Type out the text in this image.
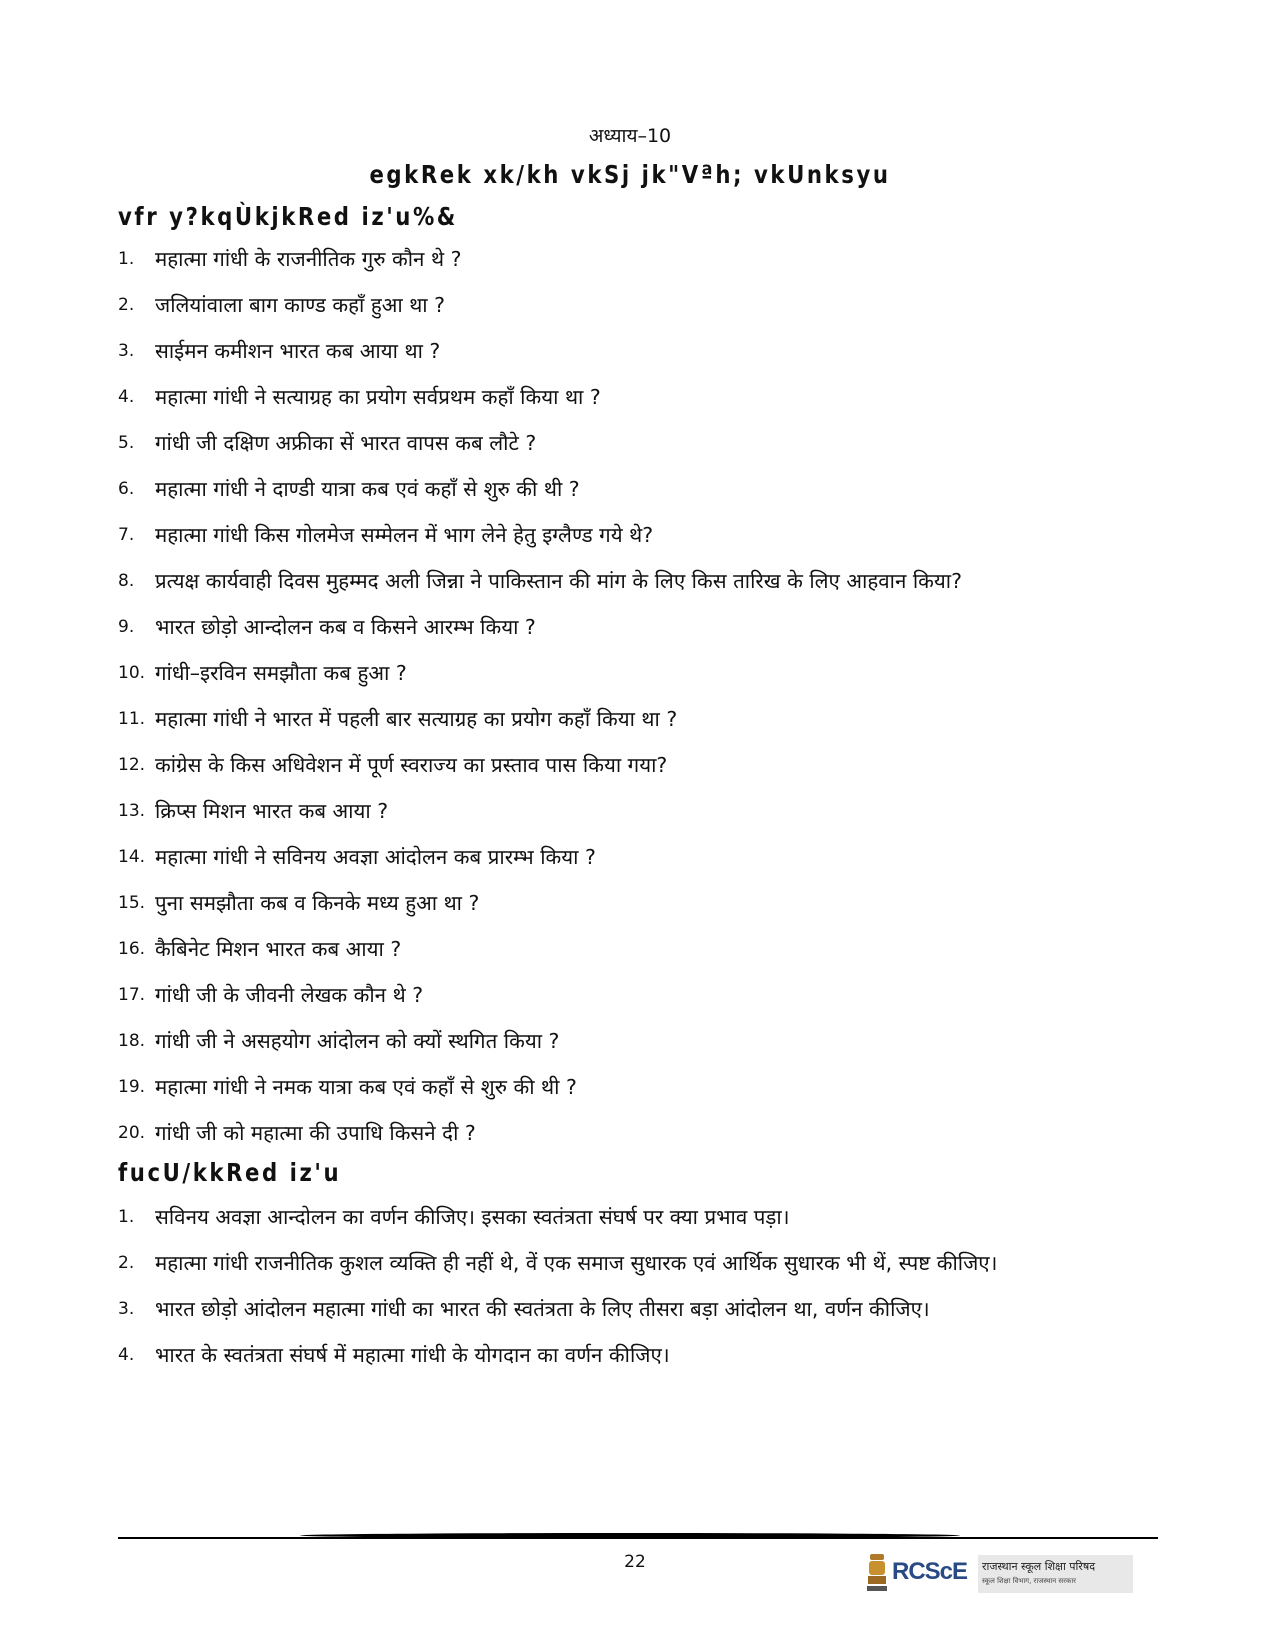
अध्याय–10
egkRek xk/kh vkSj jk"Vªh; vkUnksyu
vfr y?kqÙkjkRed iz'u%&
1. महात्मा गांधी के राजनीतिक गुरु कौन थे ?
2. जलियांवाला बाग काण्ड कहाँ हुआ था ?
3. साईमन कमीशन भारत कब आया था ?
4. महात्मा गांधी ने सत्याग्रह का प्रयोग सर्वप्रथम कहाँ किया था ?
5. गांधी जी दक्षिण अफ्रीका सें भारत वापस कब लौटे ?
6. महात्मा गांधी ने दाण्डी यात्रा कब एवं कहाँ से शुरु की थी ?
7. महात्मा गांधी किस गोलमेज सम्मेलन में भाग लेने हेतु इग्लैण्ड गये थे?
8. प्रत्यक्ष कार्यवाही दिवस मुहम्मद अली जिन्ना ने पाकिस्तान की मांग के लिए किस तारिख के लिए आहवान किया?
9. भारत छोड़ो आन्दोलन कब व किसने आरम्भ किया ?
10. गांधी–इरविन समझौता कब हुआ ?
11. महात्मा गांधी ने भारत में पहली बार सत्याग्रह का प्रयोग कहाँ किया था ?
12. कांग्रेस के किस अधिवेशन में पूर्ण स्वराज्य का प्रस्ताव पास किया गया?
13. क्रिप्स मिशन भारत कब आया ?
14. महात्मा गांधी ने सविनय अवज्ञा आंदोलन कब प्रारम्भ किया ?
15. पुना समझौता कब व किनके मध्य हुआ था ?
16. कैबिनेट मिशन भारत कब आया ?
17. गांधी जी के जीवनी लेखक कौन थे ?
18. गांधी जी ने असहयोग आंदोलन को क्यों स्थगित किया ?
19. महात्मा गांधी ने नमक यात्रा कब एवं कहाँ से शुरु की थी ?
20. गांधी जी को महात्मा की उपाधि किसने दी ?
fucU/kkRed iz'u
1. सविनय अवज्ञा आन्दोलन का वर्णन कीजिए। इसका स्वतंत्रता संघर्ष पर क्या प्रभाव पड़ा।
2. महात्मा गांधी राजनीतिक कुशल व्यक्ति ही नहीं थे, वें एक समाज सुधारक एवं आर्थिक सुधारक भी थें, स्पष्ट कीजिए।
3. भारत छोड़ो आंदोलन महात्मा गांधी का भारत की स्वतंत्रता के लिए तीसरा बड़ा आंदोलन था, वर्णन कीजिए।
4. भारत के स्वतंत्रता संघर्ष में महात्मा गांधी के योगदान का वर्णन कीजिए।
22	RCScE राजस्थान स्कूल शिक्षा परिषद
स्कूल शिक्षा विभाग, राजस्थान सरकार
